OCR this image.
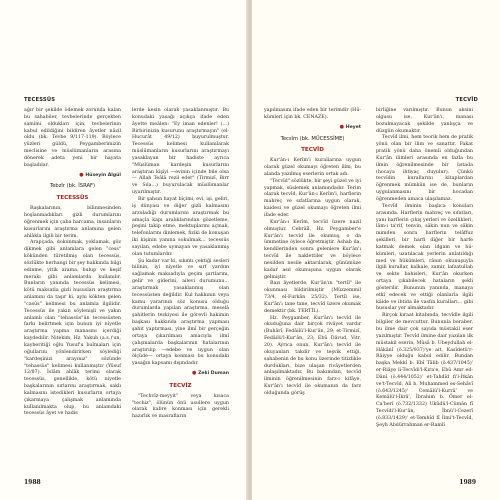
TECESSÜS

ağır bir şekilde ödemek zorunda kalan bu sahabiler, tevbelerinde gerçekten samimi oldukları için, tevbelerinin kabul edildiğini bildiren âyetler nâzil oldu (bk. Tevbe 9/117-119). Böylece yüzleri güldü, Peygamberimizin meclisine ve müslümanların arasına dönerek adeta yeni bir hayata başladılar.

● Hüseyin Algül
Tebzîr (bk. İSRAF)
TECESSÜS

Başkalarının, bilinmesinden hoşlanmadıkları gizli durumlarını öğrenmek için çaba harcama, insanların kusurlarını araştırma anlamına gelen ahlâkla ilgili bir terim.

Arapçada, dokunmak, yoklamak, göz dikmek gibi anlamlara gelen "cess" kökünden türetilmiş olan tecessüs, sözlükte herhangi bir şey hakkında bilgi edinme, yitik arama, bulup ve keşif merakı gibi anlamlarda kullanılır. Bunların yanında tecessüs kelimesi, kötü maksatla gizli hususları araştırma anlamını da taşır ki, aynı kökten gelen "casûs" kelimesi bu anlamla ilgilidir. Tecessüs ile yakın söylenişli ve yakın anlamlı olan "tehassüs"ün tecessüsten farkı belirtmek için bunun iyi niyetle araştırma yapma manasını içerdiği kaydedilir. Nitekim, Hz. Yakub (a.s.)'un, kayberitiği oğlu Yusuf'u bulmaları için oğullarını yönlendirirken söylediği "kardeşinizi arayınız" sözünde "tehassüs" kelimesi kullanmıştır (Yûsuf 12/87). İslâm ahlâk terimi olarak tecessüs, genellikle, kötü niyetle başkalarının sırlarını araştırmak, saklı kalmasını istedikleri kusurların ortaya çıkarmaya çalışmak anlamında kullanılmakta olup, bu anlamdaki tecessüs âyet ve hadis

lerde kesin olarak yasaklanmıştır. Bu konudaki yasağı açıkça ifade eden âyette meâlen: "Ey iman edenler! (...) Birbirinizin kusurunu araştırmayın" (el-Hucurât 49/12) buyurulmuştur. Tecessüs kelimesi kullanılarak müslümanların kusurlarını araştırmayı yasaklayan bir hadiste ayrıca "Müslüman kardeşin kusurlarını araştıran kişiyi —evinin içinde bile olsa— Allah Teâlâ rezil eder" (Tirmizî, Birr ve Sıla...) buyurulacak müslümanlar uyarılmıştır.

Bir şahsın hayat biçimi, evi, işi, geliri, iş dünyası ve diğer gizli kalmasını arzuladığı durumlarını araştırmak bu amaçla kapı aralıklarından gözetleme, peşini takip etme, mektuplarını açmak, telefonlarını dinlemek, fiziki de konuşan iki kişinin yanına sokulmak... tecessüs sayılan, edebe uymayan ve yasaklanmış olan tutumlardır.

Şu kadar var ki, sıkıntı çektiği sesleri bilinin, iyi niyetle ve sırf yardım sağlamak maksadıyla geçim şartlarını, gelir ve giderini, ailevi durumunu... araştırmak yasaklanmış olan tecessüsten değildir. Kul hakkının veya kamu yararının söz konusu olduğu durumlarda yapılan araştırma, meselâ şahitlerin tezkiyesi ile görevli hakimin başkası hakkında araştırma yapması şahit yaptırması, yine ilmî bir gerçeğin ortaya çıkarılması amacıyla ilmî çalışmalarda başkalarının hatalarının araştırılıp —edebe ve uygun olan ölçüde— ortaya konması bu konudaki yasağın kapsamı dışındadır.

● Zeki Duman
TECVÎZ

"Techvîz-meyyit" veya kısaca "techiz", ölünün önü usullere uygun olarak kabre konması için gerekli hazırlık ve masrafların

1988
TECVÎD

yapılmasını ifade eden bir terimdir (Hükümleri için bk. CENAZE).

● Heyet
Tecsîm (bk. MÜCESSİME)
TECVÎD

Kur'ân-ı Kerîm'i kurallarına uygun olarak güzel okumayı öğreten ilim; bu alanda yazılmış eserlerin ortak adı.

"Tecvîd" sözlükte, bir şeyi güzel ve iyi yapmak, süslemek anlamındadır. Terim olarak tecvîd, Kur'ân-ı Kerîm'i, harflerin mahreç ve sıfatlarına uygun olarak, kaidesi ve güzel okumayı öğreten ilmi ifade eder.

Kur'ân-ı Kerîm, tecvîd üzere nazil olmuştur. Cebrâîl, Hz. Peygamber'e Kur'ân'ı tecvîd ile okumuş, o da ümmetine öylece öğretmiştir. Ashab da, kendilerinden sonra gelenlere Kur'ân'ı tecvîd ile naklettiler ve böylece nesilden nesile aktarılarak, günümüze kadar asıl okunuşuna uygun olarak gelmiştir.

Bazı âyetlerde, Kur'ân'ın "tertîl" ile okunması bildirilmiştir (Müzzemmil 73/4, el-Furkân 25/32). Tertîl ise, Kur'ân'ı tane tane, tecvîd üzere okumak demektir (bk. TERTÎL).

Hz. Peygamber, Kur'ân'ı tecvîd ile okuduğuna dair birçok rivâyet vardır (Buhârî, Fedâilü'l-Kur'ân, 29; et-Tirmizî, Fedâilü'l-Kur'ân, 23; Ebû Dâvud, Vitr, 20). Ayrıca onun, Kur'ân'ı tecvîd ile okuyanları takdir ve teşvik ettiği, sahabenin de bu konu üzerinde titizlikle durdukları, bize ulaşan rivâyetlerden anlaşılmaktadır. Bu bakımdan, tecvîd ilminin öğrenilmesinin farz-ı kifâye, Kur'ân'ı tecvîd ile okumanın da farz olduğunda görüş

birliğine varılmıştır. Bunun aksini olgusu ise, Kur'ân'ı, manası bozulmayacak şekilde yanlışça ve düzgün okumaktır.

Tecvîd ilmi, hem teorik hem de pratik yönü olan bir ilim ve sanattır. Fakat pratik yönü daha önemli olduğundan Kur'ân ilimleri arasında en fazla bu ilmin öğrenilmesinde bir üstada (hocaya ihtiyaç duyulur). Çünkü tecvîdin kurallarını kitaplardan öğrenmek mümkün ise de, bunların uygulanmasını bir hocadan öğrenmeden amaca ulaşılamaz.

Tecvîd ilminin başlıca konuları arasında. Harflerin mahreç ve sıfatları, yanı harflerin çıkış yerleri ve özellikleri, lâm-ı ta'rif, tenvin, sâkin nun ve sâkin mimden sonra harflerin telâffuz şekilleri, bir harfi diğer bir harfe katmak demek olan idgam ve hükümleri, uzatılacak yerlerin anlatıldığı med ve hükümleri, rânın okunuşuyla ilgili kurallar, kalkale, zamir, lafzatullah ve sekte bahisleri, Kur'ân okurken ortaya çıkabilecek hataların şekli gösterilir. Bununun yanında, manaya etki edecek ve ettiği olanlarla ilgili kâide ve ibtida ile vasfın kuralları... gibi hususlar yer almaktadır.

Birçok kıraat kitabında, tecvîdle ilgili bilgiler de mevcuttur. Bununla beraber, bu ilme dair çok sayıda müstakil eser yazılmıştır. Tecvîd ilmine dair yazılan ilk müstakil eserin, Mûsâ b. Ubeydullah el-Hâkânî (ö.325/937)'ye ait, Kasîdetü'r-Râiyye olduğu kabul edilir. Bundan başka Mekkî b. Ebî Tâlib (ö.437/1045)' er-Riâye li-Tecvîdi'l-Kıra'e, Ebû Amr ed-Dânî (ö.444/1052)' et-Tahdîd fi'l-İtkân ve't-Tecvîd, Ali b. Muhammed es-Sehâvî (ö.643/1245)' Cemâlü'l-Kurrâ' ve Kemâlü'l-İkrâ', İbrahim b. Ömer el-Ca'berî (ö.732/1332) Ukûdü'l-Cümân fî Tecvîdi'l-Kur'ân, İbnü'l-Cezerî (ö.833/1429)' et-Temhîd fî İlmi't-Tecvîd, Şeyh Abdürrahman er-Ramlî

1989
